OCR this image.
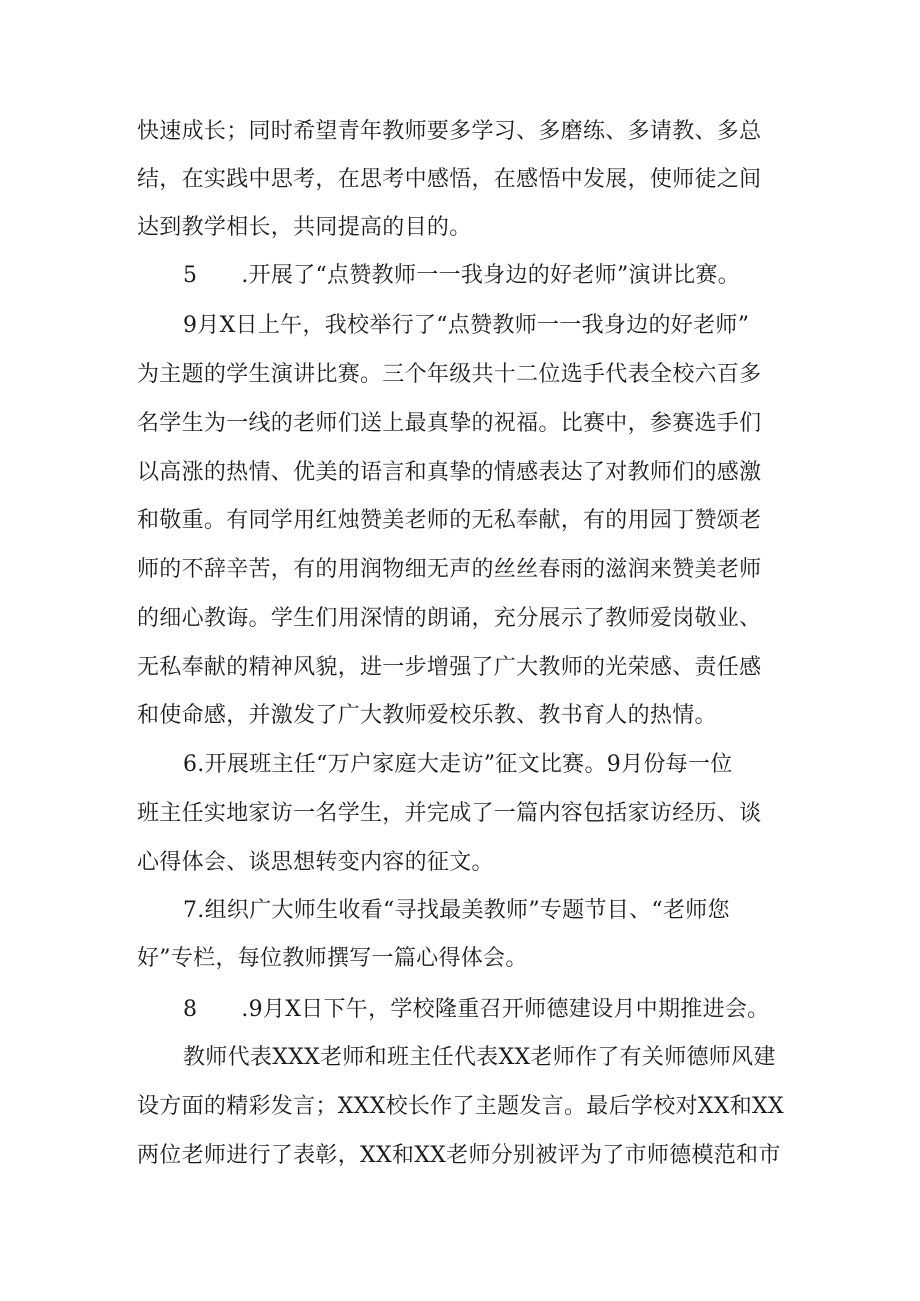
快速成长；同时希望青年教师要多学习、多磨练、多请教、多总

结，在实践中思考，在思考中感悟，在感悟中发展，使师徒之间

达到教学相长，共同提高的目的。

5 .开展了“点赞教师一一我身边的好老师”演讲比赛。

9月X日上午，我校举行了“点赞教师一一我身边的好老师”

为主题的学生演讲比赛。三个年级共十二位选手代表全校六百多

名学生为一线的老师们送上最真挚的祝福。比赛中，参赛选手们

以高涨的热情、优美的语言和真挚的情感表达了对教师们的感激

和敬重。有同学用红烛赞美老师的无私奉献，有的用园丁赞颂老

师的不辞辛苦，有的用润物细无声的丝丝春雨的滋润来赞美老师

的细心教诲。学生们用深情的朗诵，充分展示了教师爱岗敬业、

无私奉献的精神风貌，进一步增强了广大教师的光荣感、责任感

和使命感，并激发了广大教师爱校乐教、教书育人的热情。

6.开展班主任“万户家庭大走访”征文比赛。9月份每一位

班主任实地家访一名学生，并完成了一篇内容包括家访经历、谈

心得体会、谈思想转变内容的征文。

7.组织广大师生收看“寻找最美教师”专题节目、“老师您

好”专栏，每位教师撰写一篇心得体会。

8 .9月X日下午，学校隆重召开师德建设月中期推进会。

教师代表XXX老师和班主任代表XX老师作了有关师德师风建

设方面的精彩发言；XXX校长作了主题发言。最后学校对XX和XX

两位老师进行了表彰，XX和XX老师分别被评为了市师德模范和市
